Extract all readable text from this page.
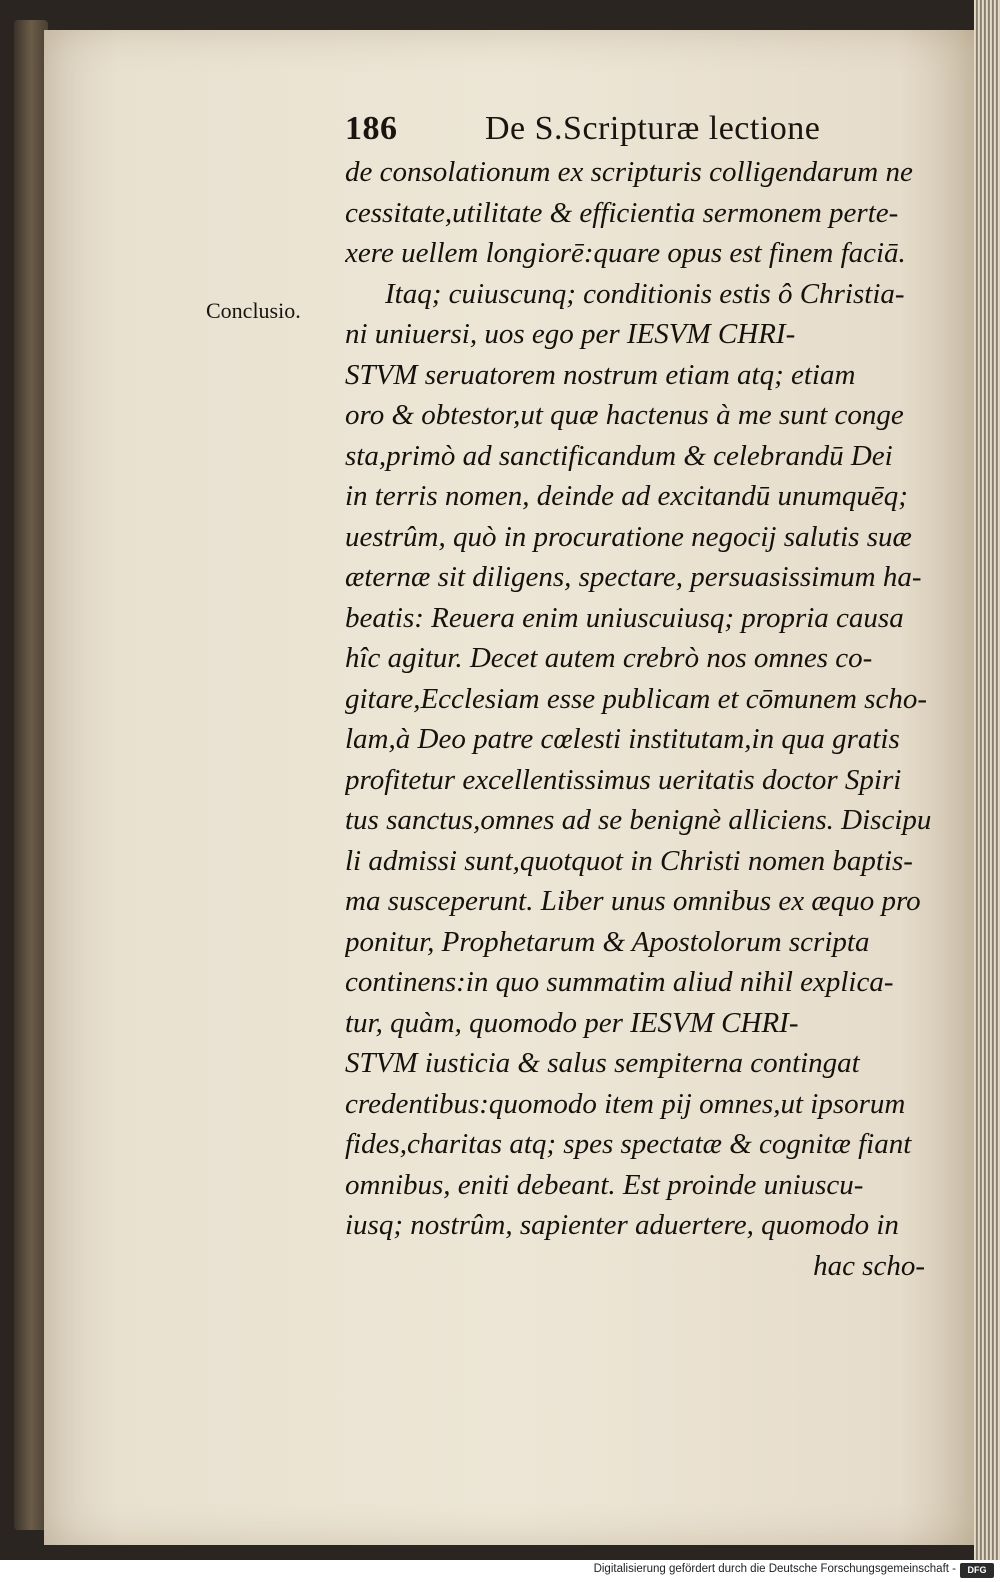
186	De S.Scripturæ lectione
Conclusio.
de consolationum ex scripturis colligendarum ne
cessitate,utilitate & efficientia sermonem perte-
xere uellem longiorē:quare opus est finem faciā.
Itaq; cuiuscunq; conditionis estis ô Christia-
ni uniuersi, uos ego per IESVM CHRI-
STVM seruatorem nostrum etiam atq; etiam
oro & obtestor,ut quæ hactenus à me sunt conge
sta,primò ad sanctificandum & celebrandū Dei
in terris nomen, deinde ad excitandū unumquēq;
uestrûm, quò in procuratione negocij salutis suæ
æternæ sit diligens, spectare, persuasissimum ha-
beatis: Reuera enim uniuscuiusq; propria causa
hîc agitur. Decet autem crebrò nos omnes co-
gitare,Ecclesiam esse publicam et cōmunem scho-
lam,à Deo patre cœlesti institutam,in qua gratis
profitetur excellentissimus ueritatis doctor Spiri
tus sanctus,omnes ad se benignè alliciens. Discipu
li admissi sunt,quotquot in Christi nomen baptis-
ma susceperunt. Liber unus omnibus ex æquo pro
ponitur, Prophetarum & Apostolorum scripta
continens:in quo summatim aliud nihil explica-
tur, quàm, quomodo per IESVM CHRI-
STVM iusticia & salus sempiterna contingat
credentibus:quomodo item pij omnes,ut ipsorum
fides,charitas atq; spes spectatæ & cognitæ fiant
omnibus, eniti debeant. Est proinde uniuscu-
iusq; nostrûm, sapienter aduertere, quomodo in
hac scho-
Digitalisierung gefördert durch die Deutsche Forschungsgemeinschaft -	DFG
